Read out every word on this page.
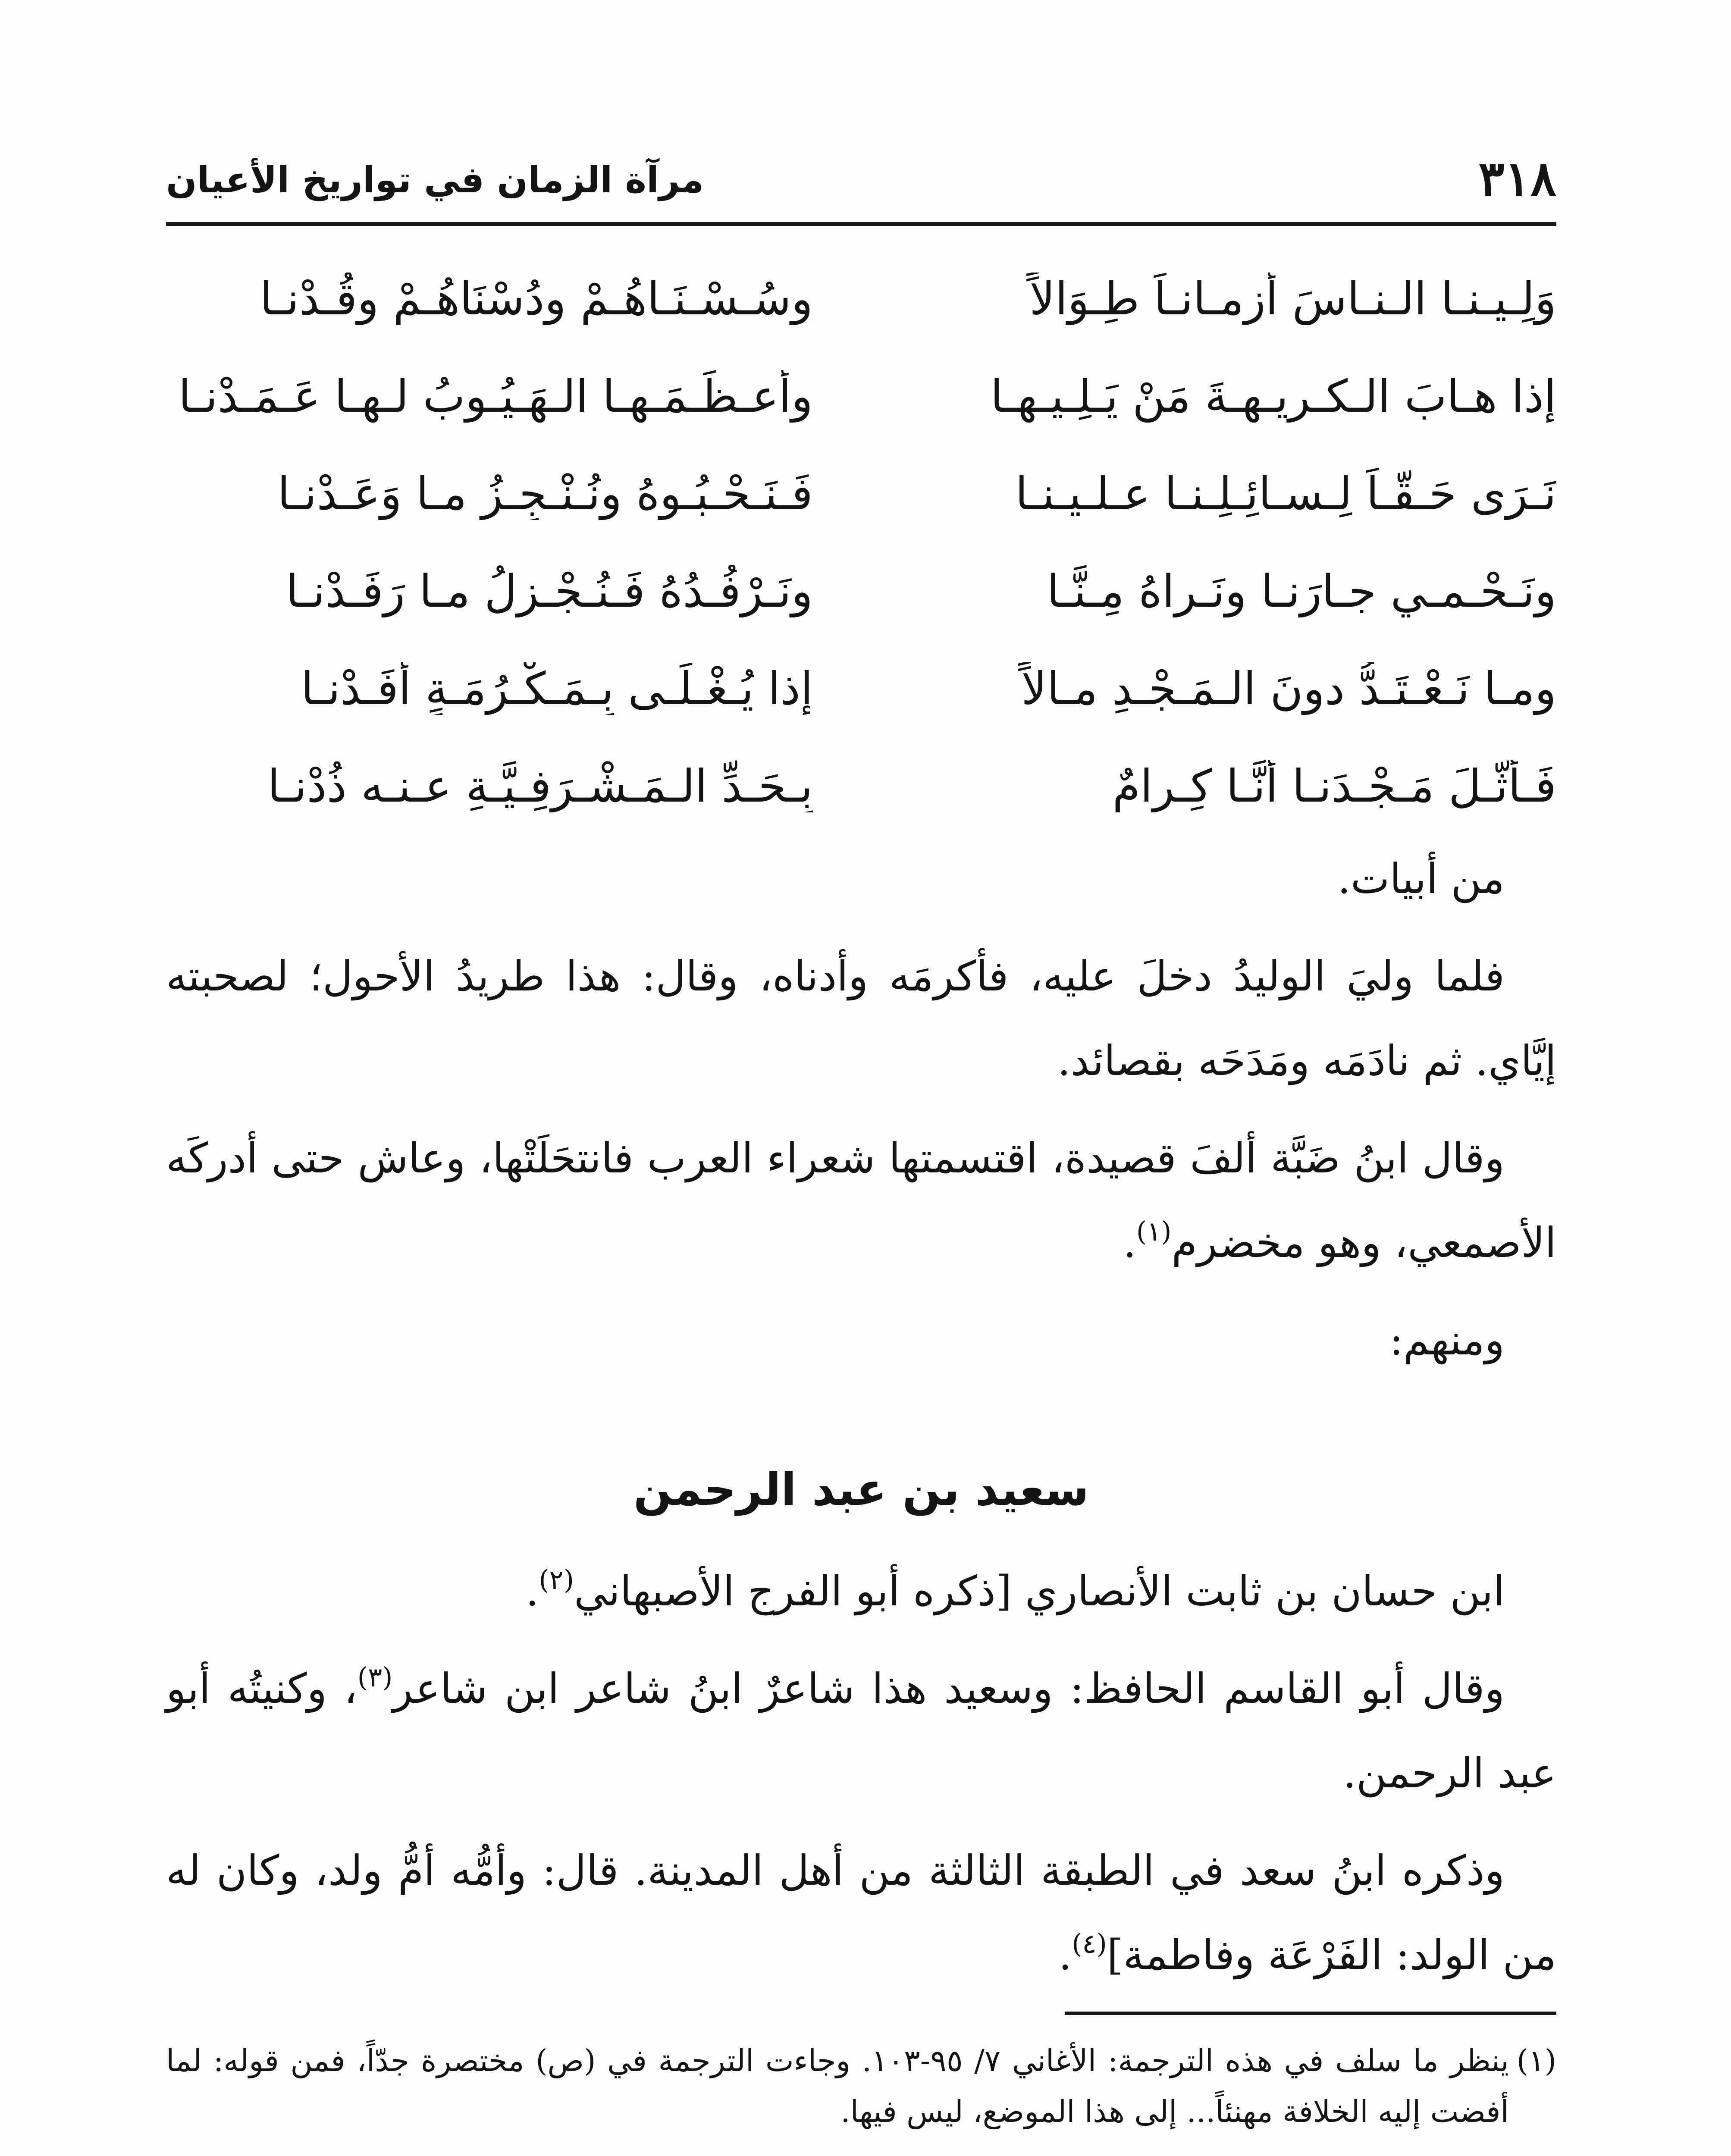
٣١٨
مرآة الزمان في تواريخ الأعيان
وَلِـيـنـا الـنـاسَ أزمـانـاً طِـوَالاً
وسُـسْـنَـاهُـمْ ودُسْنَاهُـمْ وقُـدْنـا
إذا هـابَ الـكـريـهـةَ مَنْ يَـلِـيـهـا
وأعـظَـمَـهـا الـهَـيُـوبُ لـهـا عَـمَـدْنـا
نَـرَى حَـقّـاً لِـسـائِـلِـنـا عـلـيـنـا
فَـنَـحْـبُـوهُ ونُـنْـجِـزُ مـا وَعَـدْنـا
ونَـحْـمـي جـارَنـا ونَـراهُ مِـنَّـا
ونَـرْفُـدُهُ فَـنُـجْـزِلُ مـا رَفَـدْنـا
ومـا نَـعْـتَـدُّ دونَ الـمَـجْـدِ مـالاً
إذا يُـغْـلَـى بِـمَـكْـرُمَـةٍ أَفَـدْنـا
فَـأَثَّـلَ مَـجْـدَنـا أنَّـا كِـرامٌ
بِـحَـدِّ الـمَـشْـرَفِـيَّـةِ عـنـه ذُدْنـا

من أبيات.

فلما وليَ الوليدُ دخلَ عليه، فأكرمَه وأدناه، وقال: هذا طريدُ الأحول؛ لصحبته إيَّاي. ثم نادَمَه ومَدَحَه بقصائد.

وقال ابنُ ضَبَّة ألفَ قصيدة، اقتسمتها شعراء العرب فانتحَلَتْها، وعاش حتى أدركَه الأصمعي، وهو مخضرم$^{(١)}$.

ومنهم:

سعيد بن عبد الرحمن

ابن حسان بن ثابت الأنصاري [ذكره أبو الفرج الأصبهاني$^{(٢)}$.

وقال أبو القاسم الحافظ: وسعيد هذا شاعرٌ ابنُ شاعر ابن شاعر$^{(٣)}$، وكنيتُه أبو عبد الرحمن.

وذكره ابنُ سعد في الطبقة الثالثة من أهل المدينة. قال: وأمُّه أمُّ ولد، وكان له من الولد: الفَرْعَة وفاطمة]$^{(٤)}$.

(١)
ينظر ما سلف في هذه الترجمة: الأغاني ٧/ ٩٥-١٠٣. وجاءت الترجمة في (ص) مختصرة جدّاً، فمن قوله: لما أفضت إليه الخلافة مهنئاً... إلى هذا الموضع، ليس فيها.
